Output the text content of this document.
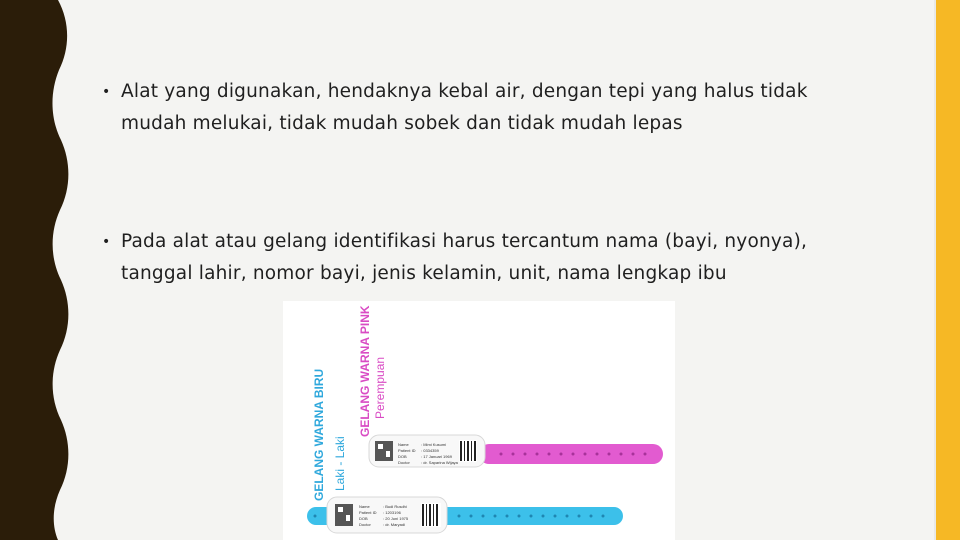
• Alat yang digunakan, hendaknya kebal air, dengan tepi yang halus tidak
mudah melukai, tidak mudah sobek dan tidak mudah lepas
• Pada alat atau gelang identifikasi harus tercantum nama (bayi, nyonya),
tanggal lahir, nomor bayi, jenis kelamin, unit, nama lengkap ibu
GELANG WARNA PINK Perempuan
GELANG WARNA BIRU Laki - Laki	Name
Patient ID
DOB
Doctor
: Mimi Kusumi
: 0334359
: 17 Januari 1969
: dr. Saparina Wijaya
Name
Patient ID
DOB
Doctor
: Budi Rusdhi
: 1203196
: 20 Juni 1975
: dr. Maryadi
